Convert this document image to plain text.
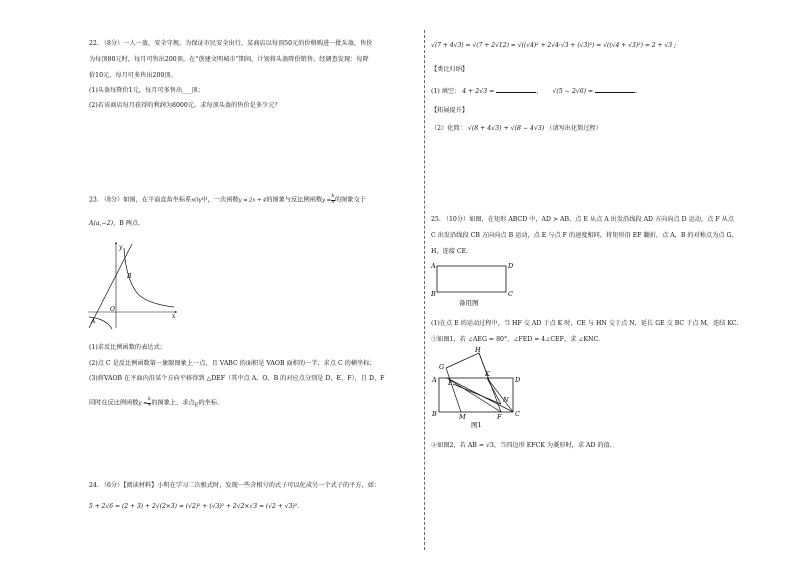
22. （8分）一人一盔，安全守规。为保证市民安全出行，某商店以每顶50元的价格购进一批头盔，售价
为每顶80元时，每月可售出200顶。在“创建文明城市”期间，计划将头盔降价销售。经调查发现：每降
价10元，每月可多售出200顶。
(1)头盔每降价1元，每月可多售出___顶；
(2)若该商店每月获得的利润为8000元，求每顶头盔的售价是多少元？
23. （8分）如图，在平面直角坐标系xOy中，一次函数y = 2x + 4的图象与反比例函数$y = \frac{k}{x}$ 的图象交于
A(a,−2)，B 两点.
y
x
O
B
A
(1)求反比例函数的表达式；
(2)点 C 是反比例函数第一象限图象上一点，且 VABC 的面积是 VAOB 面积的一半，求点 C 的横坐标；
(3)将VAOB 在平面内沿某个方向平移得到 △DEF（其中点 A、O、B 的对应点分别是 D、E、F），且 D、F
同时在反比例函数$y = \frac{k}{x}$ 的图象上，求点$_E$的坐标.
24. （6分）【阅读材料】小明在学习二次根式时，发现一些含根号的式子可以化成另一个式子的平方，如：
5 + 2√6 = (2 + 3) + 2√(2×3) = (√2)² + (√3)² + 2√2×√3 = (√2 + √3)².
√(7 + 4√3) = √(7 + 2√12) = √((√4)² + 2√4·√3 + (√3)²) = √((√4 + √3)²) = 2 + √3 ;
【类比归纳】
(1) 填空： 4 + 2√3 =	， √(5 − 2√6) =	.
【拓展提升】
（2）化简： √(8 + 4√3) + √(8 − 4√3) （请写出化简过程）
25. （10分）如图，在矩形 ABCD 中，AD > AB，点 E 从点 A 出发沿线段 AD 方向向点 D 运动，点 F 从点
C 出发沿线段 CB 方向向点 B 运动，点 E 与点 F 的速度相同，将矩形沿 EF 翻折，点 A，B 的对称点为点 G，
H，连接 CE.
A	D
B	C
备用图
(1)在点 E 的运动过程中，当 HF 交 AD 于点 K 时，CE 与 HN 交于点 N，延长 GE 交 BC 于点 M，连结 KC.
①如图1，若 ∠AEG = 80°，∠FED = 4∠CEF，求 ∠KNC.
H
G
A E
K
D
B	M
N
F C
图1
②如图2，若 AB = √3，当四边形 EFCK 为菱形时，求 AD 的值.
